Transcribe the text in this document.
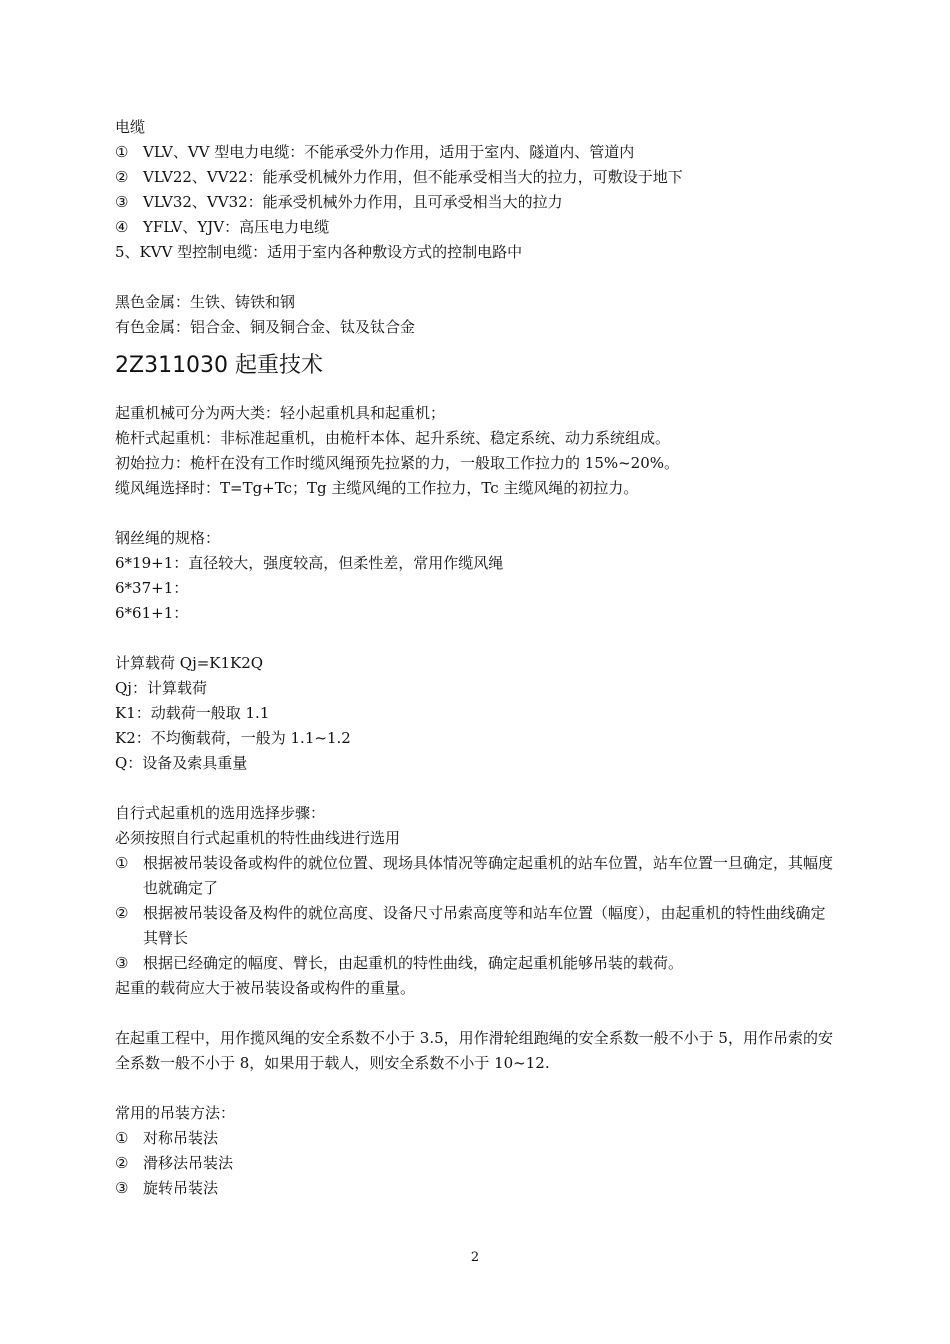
电缆
① VLV、VV 型电力电缆：不能承受外力作用，适用于室内、隧道内、管道内
② VLV22、VV22：能承受机械外力作用，但不能承受相当大的拉力，可敷设于地下
③ VLV32、VV32：能承受机械外力作用，且可承受相当大的拉力
④ YFLV、YJV：高压电力电缆
5、KVV 型控制电缆：适用于室内各种敷设方式的控制电路中
黑色金属：生铁、铸铁和钢
有色金属：铝合金、铜及铜合金、钛及钛合金
2Z311030 起重技术
起重机械可分为两大类：轻小起重机具和起重机；
桅杆式起重机：非标准起重机，由桅杆本体、起升系统、稳定系统、动力系统组成。
初始拉力：桅杆在没有工作时缆风绳预先拉紧的力，一般取工作拉力的 15%~20%。
缆风绳选择时：T=Tg+Tc；Tg 主缆风绳的工作拉力，Tc 主缆风绳的初拉力。
钢丝绳的规格：
6*19+1：直径较大，强度较高，但柔性差，常用作缆风绳
6*37+1：
6*61+1：
计算载荷 Qj=K1K2Q
Qj：计算载荷
K1：动载荷一般取 1.1
K2：不均衡载荷，一般为 1.1~1.2
Q：设备及索具重量
自行式起重机的选用选择步骤：
必须按照自行式起重机的特性曲线进行选用
① 根据被吊装设备或构件的就位位置、现场具体情况等确定起重机的站车位置，站车位置一旦确定，其幅度也就确定了
② 根据被吊装设备及构件的就位高度、设备尺寸吊索高度等和站车位置（幅度），由起重机的特性曲线确定其臂长
③ 根据已经确定的幅度、臂长，由起重机的特性曲线，确定起重机能够吊装的载荷。
起重的载荷应大于被吊装设备或构件的重量。
在起重工程中，用作揽风绳的安全系数不小于 3.5，用作滑轮组跑绳的安全系数一般不小于 5，用作吊索的安全系数一般不小于 8，如果用于载人，则安全系数不小于 10~12.
常用的吊装方法：
① 对称吊装法
② 滑移法吊装法
③ 旋转吊装法
2
